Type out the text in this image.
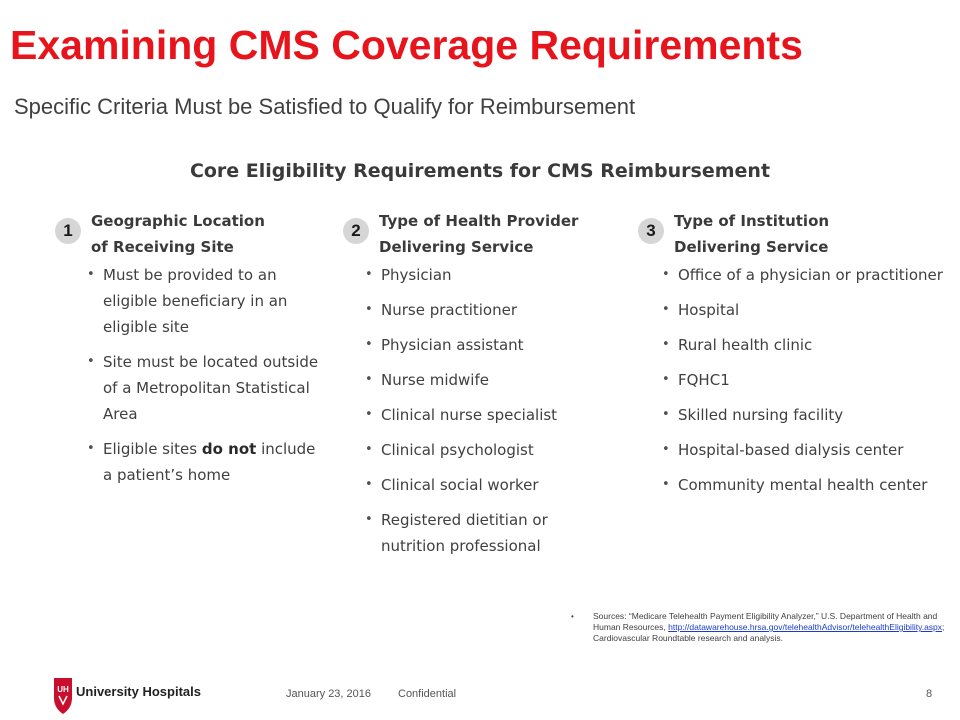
Examining CMS Coverage Requirements

Specific Criteria Must be Satisfied to Qualify for Reimbursement

Core Eligibility Requirements for CMS Reimbursement
1	Geographic Location
of Receiving Site
• Must be provided to an eligible beneficiary in an eligible site
• Site must be located outside of a Metropolitan Statistical Area
• Eligible sites do not include a patient’s home
2	Type of Health Provider
Delivering Service
• Physician
• Nurse practitioner
• Physician assistant
• Nurse midwife
• Clinical nurse specialist
• Clinical psychologist
• Clinical social worker
• Registered dietitian or nutrition professional
3	Type of Institution
Delivering Service
• Office of a physician or practitioner
• Hospital
• Rural health clinic
• FQHC1
• Skilled nursing facility
• Hospital-based dialysis center
• Community mental health center

• Sources: “Medicare Telehealth Payment Eligibility Analyzer,” U.S. Department of Health and Human Resources, http://datawarehouse.hrsa.gov/telehealthAdvisor/telehealthEligibility.aspx; Cardiovascular Roundtable research and analysis.

UH University Hospitals	January 23, 2016 Confidential	8
